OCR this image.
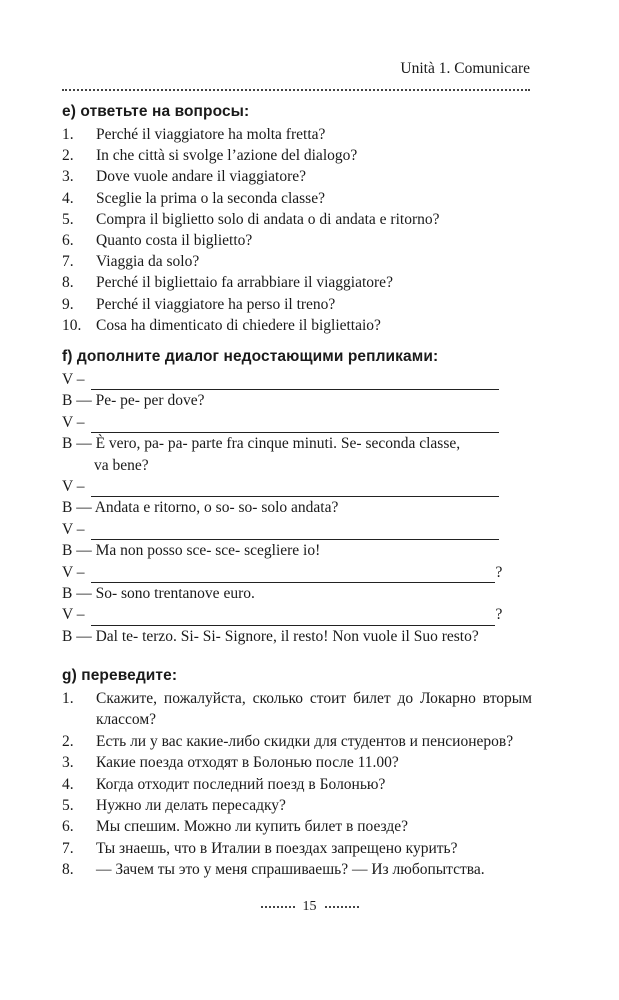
Unità 1. Comunicare
е) ответьте на вопросы:
1.	Perché il viaggiatore ha molta fretta?
2.	In che città si svolge l’azione del dialogo?
3.	Dove vuole andare il viaggiatore?
4.	Sceglie la prima o la seconda classe?
5.	Compra il biglietto solo di andata o di andata e ritorno?
6.	Quanto costa il biglietto?
7.	Viaggia da solo?
8.	Perché il bigliettaio fa arrabbiare il viaggiatore?
9.	Perché il viaggiatore ha perso il treno?
10. Cosa ha dimenticato di chiedere il bigliettaio?
f) дополните диалог недостающими репликами:
V –
B — Pe- pe- per dove?
V –
B — È vero, pa- pa- parte fra cinque minuti. Se- seconda classe,
va bene?
V –
B — Andata e ritorno, o so- so- solo andata?
V –
B — Ma non posso sce- sce- scegliere io!
V –	?
B — So- sono trentanove euro.
V –	?
B — Dal te- terzo. Si- Si- Signore, il resto! Non vuole il Suo resto?
g) переведите:
1.	Скажите, пожалуйста, сколько стоит билет до Локарно вторым классом?
2.	Есть ли у вас какие-либо скидки для студентов и пенсионеров?
3.	Какие поезда отходят в Болонью после 11.00?
4.	Когда отходит последний поезд в Болонью?
5.	Нужно ли делать пересадку?
6.	Мы спешим. Можно ли купить билет в поезде?
7.	Ты знаешь, что в Италии в поездах запрещено курить?
8.	— Зачем ты это у меня спрашиваешь? — Из любопытства.
15
